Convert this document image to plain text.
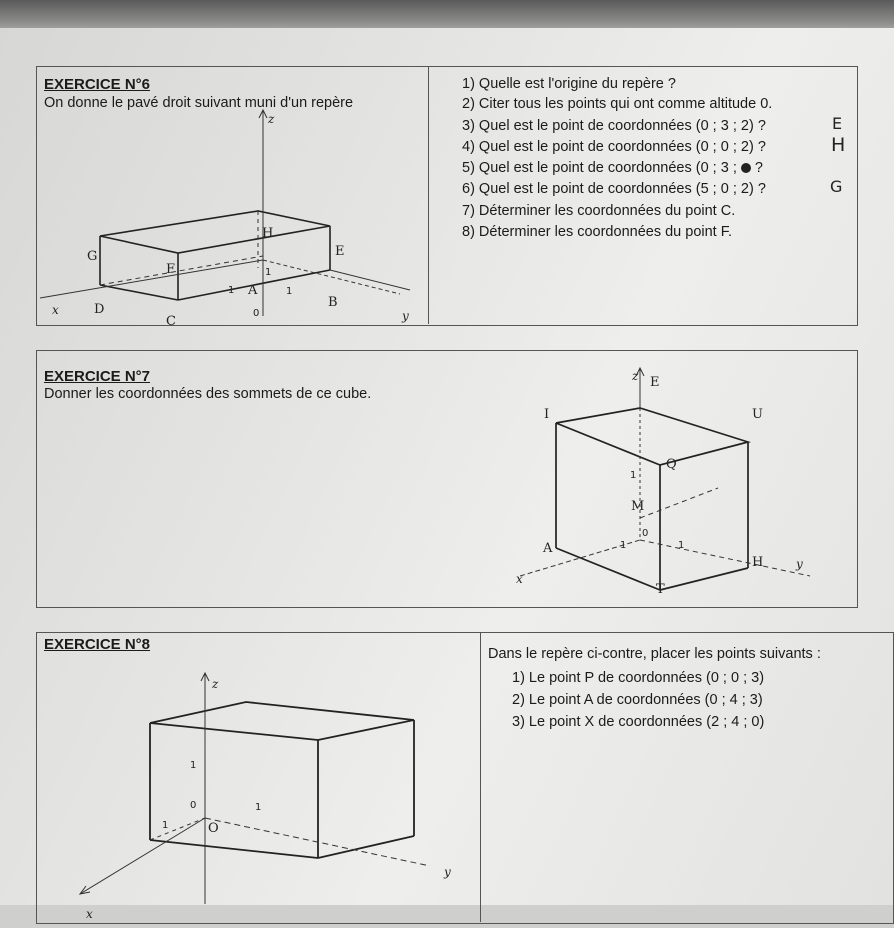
EXERCICE N°6
On donne le pavé droit suivant muni d'un repère
1) Quelle est l'origine du repère ?
2) Citer tous les points qui ont comme altitude 0.
3) Quel est le point de coordonnées (0 ; 3 ; 2) ?
4) Quel est le point de coordonnées (0 ; 0 ; 2) ?
5) Quel est le point de coordonnées (0 ; 3 ; ?
6) Quel est le point de coordonnées (5 ; 0 ; 2) ?
7) Déterminer les coordonnées du point C.
8) Déterminer les coordonnées du point F.
E
H
G
z
H
G
F
E
1
1 A	1
0	y
x	D	B
C
EXERCICE N°7
Donner les coordonnées des sommets de ce cube.
z E
I	U
Q
1
M
0
A	1	1
H	y
x
T
EXERCICE N°8
Dans le repère ci-contre, placer les points suivants :
1) Le point P de coordonnées (0 ; 0 ; 3)
2) Le point A de coordonnées (0 ; 4 ; 3)
3) Le point X de coordonnées (2 ; 4 ; 0)
z
1
0	1
1	O
y
x
